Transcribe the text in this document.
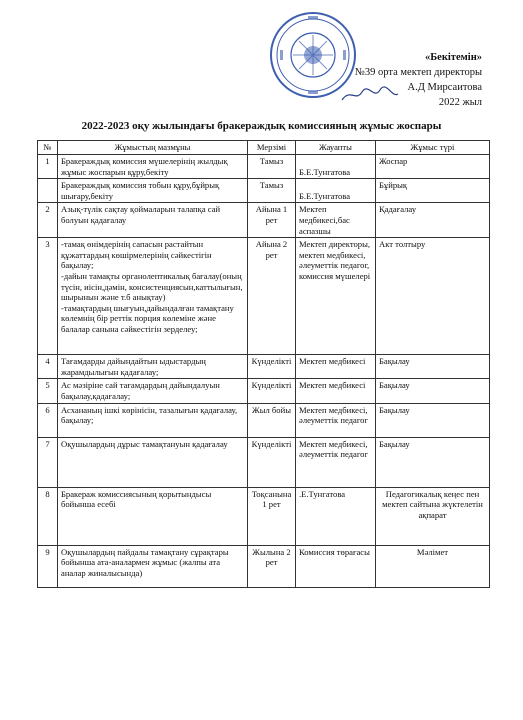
«Бекітемін»
№39 орта мектеп директоры
А.Д Мирсаитова
2022 жыл
2022-2023 оқу жылындағы бракераждық комиссияның жұмыс жоспары
№	Жұмыстың мазмұны	Мерзімі	Жауапты	Жұмыс түрі
1	Бракераждық комиссия мүшелерінің жылдық жұмыс жоспарын құру,бекіту	Тамыз	Б.Е.Тунгатова	Жоспар
	Бракераждық комиссия тобын құру,бұйрық шығару,бекіту	Тамыз	Б.Е.Тунгатова	Бұйрық
2	Азық-түлік сақтау қоймаларын талапқа сай болуын қадағалау	Айына 1 рет	Мектеп медбикесі,бас аспазшы	Қадағалау
3	-тамақ өнімдерінің сапасын растайтын құжаттардың көшірмелерінің сәйкестігін бақылау;
-дайын тамақты органолептикалық бағалау(оның түсін, иісін,дәмін, консистенциясын,каттылығын, шырынын және т.б анықтау)
-тамақтардың шығуын,дайындалған тамақтану көлемнің бір реттік порция көлеміне және балалар санына сәйкестігін зерделеу;	Айына 2 рет	Мектеп директоры, мектеп медбикесі, әлеуметтік педагог, комиссия мүшелері	Акт толтыру
4	Тағамдарды дайындайтын ыдыстардың жарамдылығын қадағалау;	Күнделікті	Мектеп медбикесі	Бақылау
5	Ас мәзіріне сай тағамдардың дайындалуын бақылау,қадағалау;	Күнделікті	Мектеп медбикесі	Бақылау
6	Асхананың ішкі көрінісін, тазалығын қадағалау, бақылау;	Жыл бойы	Мектеп медбикесі, әлеуметтік педагог	Бақылау
7	Оқушылардың дұрыс тамақтануын қадағалау	Күнделікті	Мектеп медбикесі, әлеуметтік педагог	Бақылау
8	Бракераж комиссиясының қорытындысы бойынша есебі	Тоқсанына 1 рет	.Е.Тунгатова	Педагогикалық кеңес пен мектеп сайтына жүктелетін ақпарат
9	Оқушылардың пайдалы тамақтану сұрақтары бойынша ата-аналармен жұмыс (жалпы ата аналар жиналысында)	Жылына 2 рет	Комиссия төрағасы	Мәлімет
